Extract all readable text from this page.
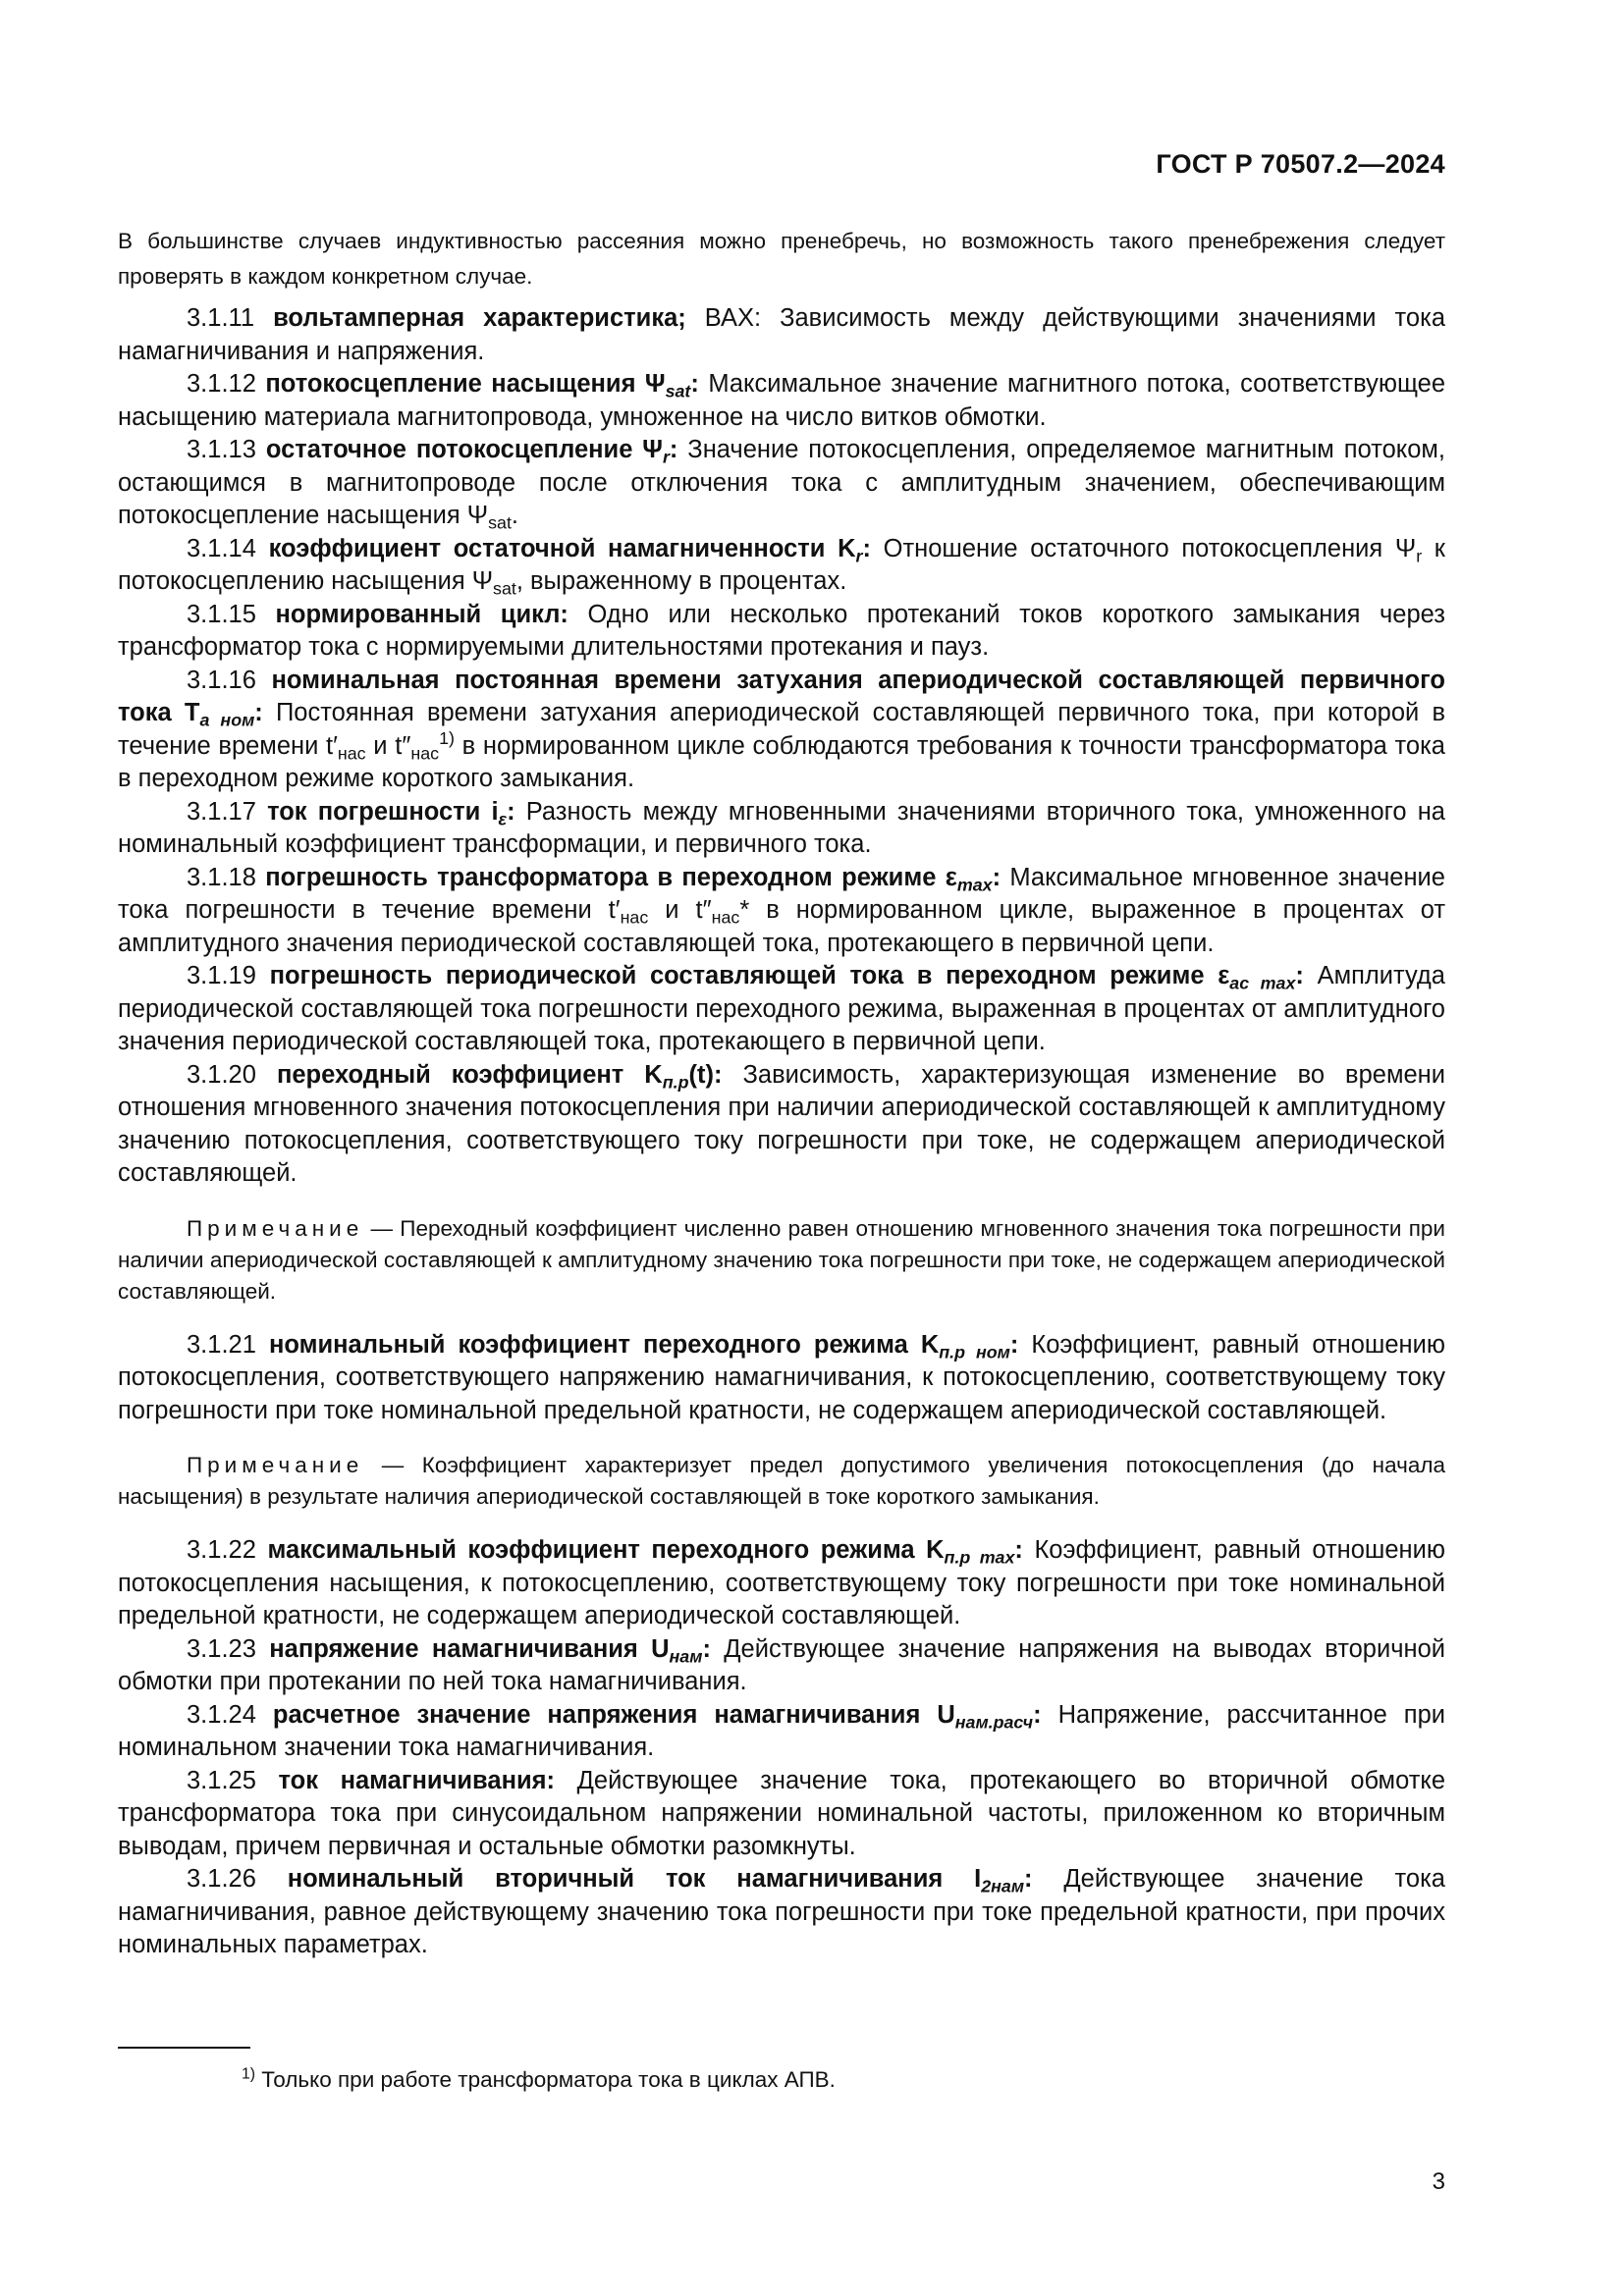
ГОСТ Р 70507.2—2024
В большинстве случаев индуктивностью рассеяния можно пренебречь, но возможность такого пренебрежения следует проверять в каждом конкретном случае.

3.1.11 вольтамперная характеристика; ВАХ: Зависимость между действующими значениями тока намагничивания и напряжения.

3.1.12 потокосцепление насыщения $\Psi_{sat}$: Максимальное значение магнитного потока, соответствующее насыщению материала магнитопровода, умноженное на число витков обмотки.

3.1.13 остаточное потокосцепление $\Psi_r$: Значение потокосцепления, определяемое магнитным потоком, остающимся в магнитопроводе после отключения тока с амплитудным значением, обеспечивающим потокосцепление насыщения $\Psi_{sat}$.

3.1.14 коэффициент остаточной намагниченности $K_r$: Отношение остаточного потокосцепления $\Psi_r$ к потокосцеплению насыщения $\Psi_{sat}$, выраженному в процентах.

3.1.15 нормированный цикл: Одно или несколько протеканий токов короткого замыкания через трансформатор тока с нормируемыми длительностями протекания и пауз.

3.1.16 номинальная постоянная времени затухания апериодической составляющей первичного тока $T_{a ном}$: Постоянная времени затухания апериодической составляющей первичного тока, при которой в течение времени $t'_{нас}$ и $t''_{нас}^{1)}$ в нормированном цикле соблюдаются требования к точности трансформатора тока в переходном режиме короткого замыкания.

3.1.17 ток погрешности $i_\varepsilon$: Разность между мгновенными значениями вторичного тока, умноженного на номинальный коэффициент трансформации, и первичного тока.

3.1.18 погрешность трансформатора в переходном режиме $\varepsilon_{max}$: Максимальное мгновенное значение тока погрешности в течение времени $t'_{нас}$ и $t''_{нас}*$ в нормированном цикле, выраженное в процентах от амплитудного значения периодической составляющей тока, протекающего в первичной цепи.

3.1.19 погрешность периодической составляющей тока в переходном режиме $\varepsilon_{ac max}$: Амплитуда периодической составляющей тока погрешности переходного режима, выраженная в процентах от амплитудного значения периодической составляющей тока, протекающего в первичной цепи.

3.1.20 переходный коэффициент $K_{п.р}(t)$: Зависимость, характеризующая изменение во времени отношения мгновенного значения потокосцепления при наличии апериодической составляющей к амплитудному значению потокосцепления, соответствующего току погрешности при токе, не содержащем апериодической составляющей.

Примечание — Переходный коэффициент численно равен отношению мгновенного значения тока погрешности при наличии апериодической составляющей к амплитудному значению тока погрешности при токе, не содержащем апериодической составляющей.

3.1.21 номинальный коэффициент переходного режима $K_{п.р ном}$: Коэффициент, равный отношению потокосцепления, соответствующего напряжению намагничивания, к потокосцеплению, соответствующему току погрешности при токе номинальной предельной кратности, не содержащем апериодической составляющей.

Примечание — Коэффициент характеризует предел допустимого увеличения потокосцепления (до начала насыщения) в результате наличия апериодической составляющей в токе короткого замыкания.

3.1.22 максимальный коэффициент переходного режима $K_{п.р max}$: Коэффициент, равный отношению потокосцепления насыщения, к потокосцеплению, соответствующему току погрешности при токе номинальной предельной кратности, не содержащем апериодической составляющей.

3.1.23 напряжение намагничивания $U_{нам}$: Действующее значение напряжения на выводах вторичной обмотки при протекании по ней тока намагничивания.

3.1.24 расчетное значение напряжения намагничивания $U_{нам.расч}$: Напряжение, рассчитанное при номинальном значении тока намагничивания.

3.1.25 ток намагничивания: Действующее значение тока, протекающего во вторичной обмотке трансформатора тока при синусоидальном напряжении номинальной частоты, приложенном ко вторичным выводам, причем первичная и остальные обмотки разомкнуты.

3.1.26 номинальный вторичный ток намагничивания $I_{2нам}$: Действующее значение тока намагничивания, равное действующему значению тока погрешности при токе предельной кратности, при прочих номинальных параметрах.

$^{1)}$ Только при работе трансформатора тока в циклах АПВ.
3
